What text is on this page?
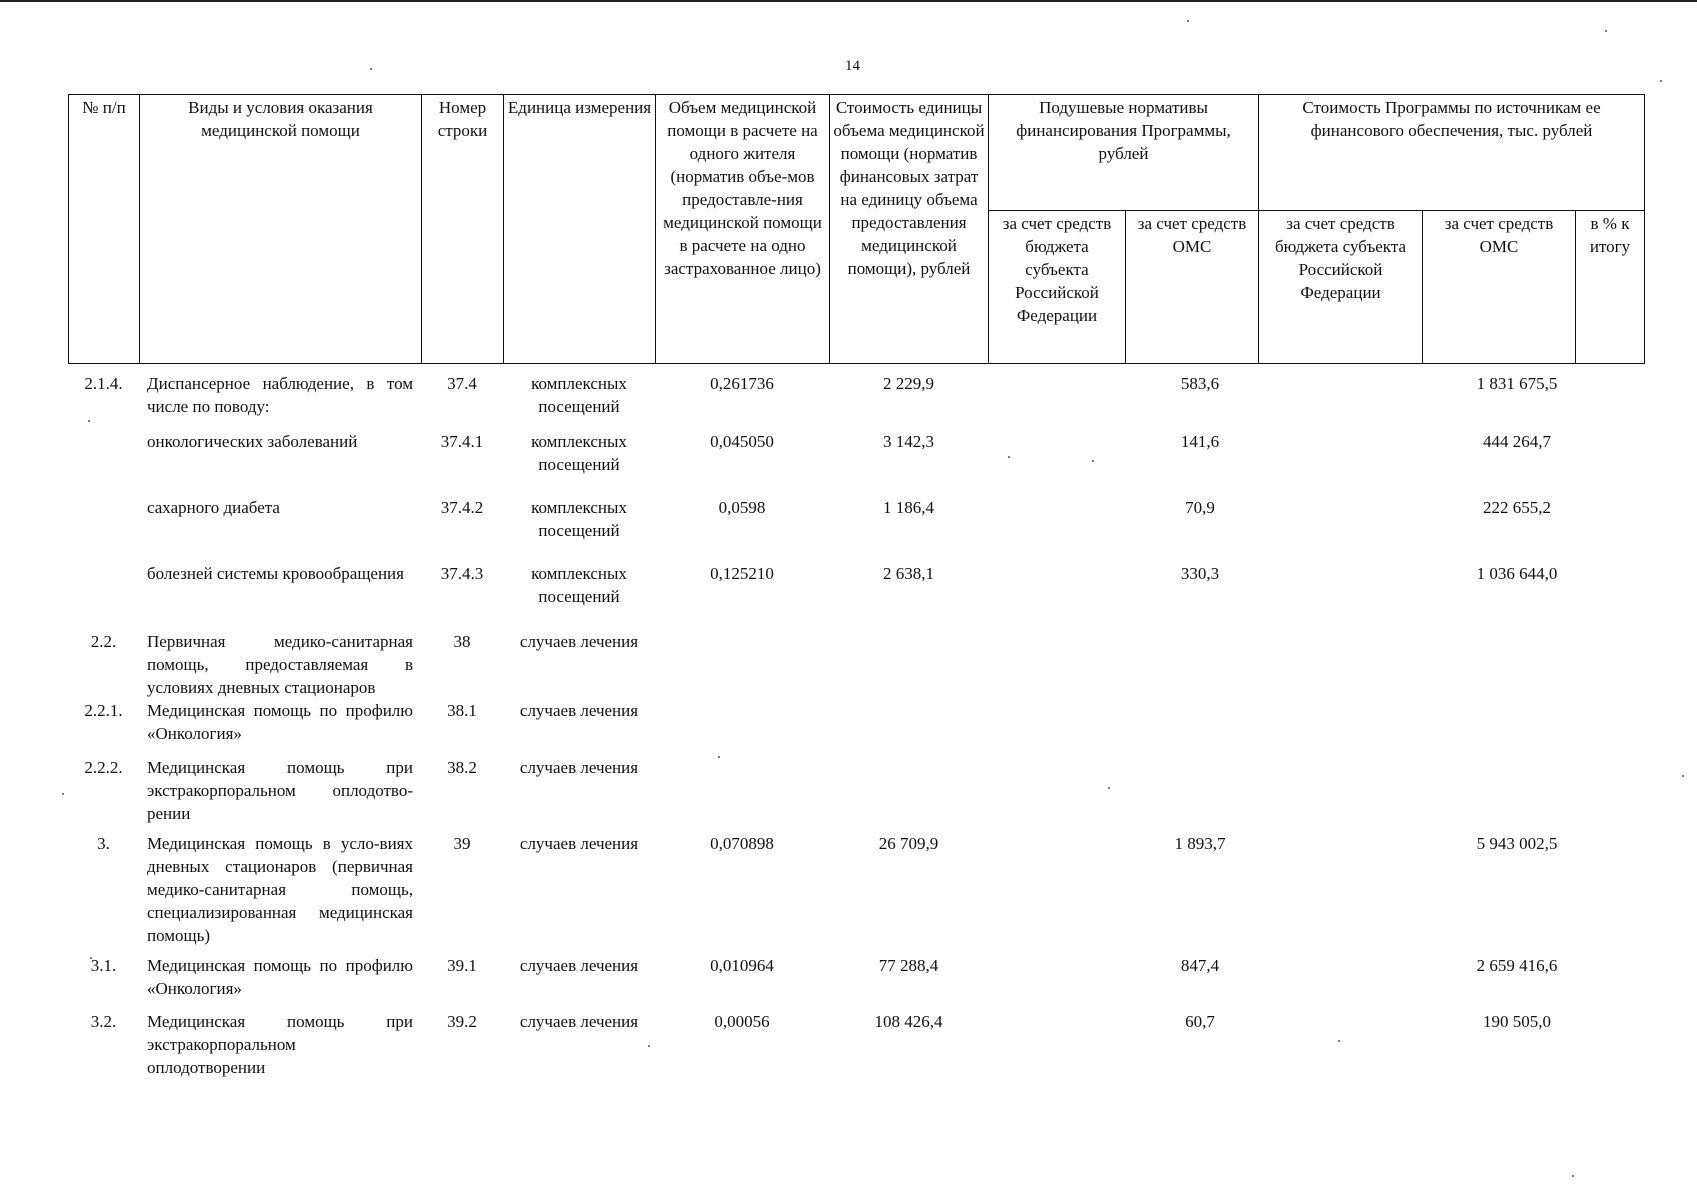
14
№ п/п	Виды и условия оказания медицинской помощи	Номер строки	Единица измерения	Объем медицинской помощи в расчете на одного жителя (норматив объе-мов предоставле-ния медицинской помощи в расчете на одно застрахованное лицо)	Стоимость единицы объема медицинской помощи (норматив финансовых затрат на единицу объема предоставления медицинской помощи), рублей	Подушевые нормативы финансирования Программы, рублей		Стоимость Программы по источникам ее финансового обеспечения, тыс. рублей		
						за счет средств бюджета субъекта Российской Федерации	за счет средств ОМС	за счет средств бюджета субъекта Российской Федерации	за счет средств ОМС	в % к итогу
2.1.4.	Диспансерное наблюдение, в том числе по поводу:	37.4	комплексных посещений	0,261736	2 229,9		583,6		1 831 675,5	
	онкологических заболеваний	37.4.1	комплексных посещений	0,045050	3 142,3		141,6		444 264,7	
	сахарного диабета	37.4.2	комплексных посещений	0,0598	1 186,4		70,9		222 655,2	
	болезней системы кровообращения	37.4.3	комплексных посещений	0,125210	2 638,1		330,3		1 036 644,0	
2.2.	Первичная медико-санитарная помощь, предоставляемая в условиях дневных стационаров	38	случаев лечения							
2.2.1.	Медицинская помощь по профилю «Онкология»	38.1	случаев лечения							
2.2.2.	Медицинская помощь при экстракорпоральном оплодотво-рении	38.2	случаев лечения							
3.	Медицинская помощь в усло-виях дневных стационаров (первичная медико-санитарная помощь, специализированная медицинская помощь)	39	случаев лечения	0,070898	26 709,9		1 893,7		5 943 002,5	
3.1.	Медицинская помощь по профилю «Онкология»	39.1	случаев лечения	0,010964	77 288,4		847,4		2 659 416,6	
3.2.	Медицинская помощь при экстракорпоральном оплодотворении	39.2	случаев лечения	0,00056	108 426,4		60,7		190 505,0	
